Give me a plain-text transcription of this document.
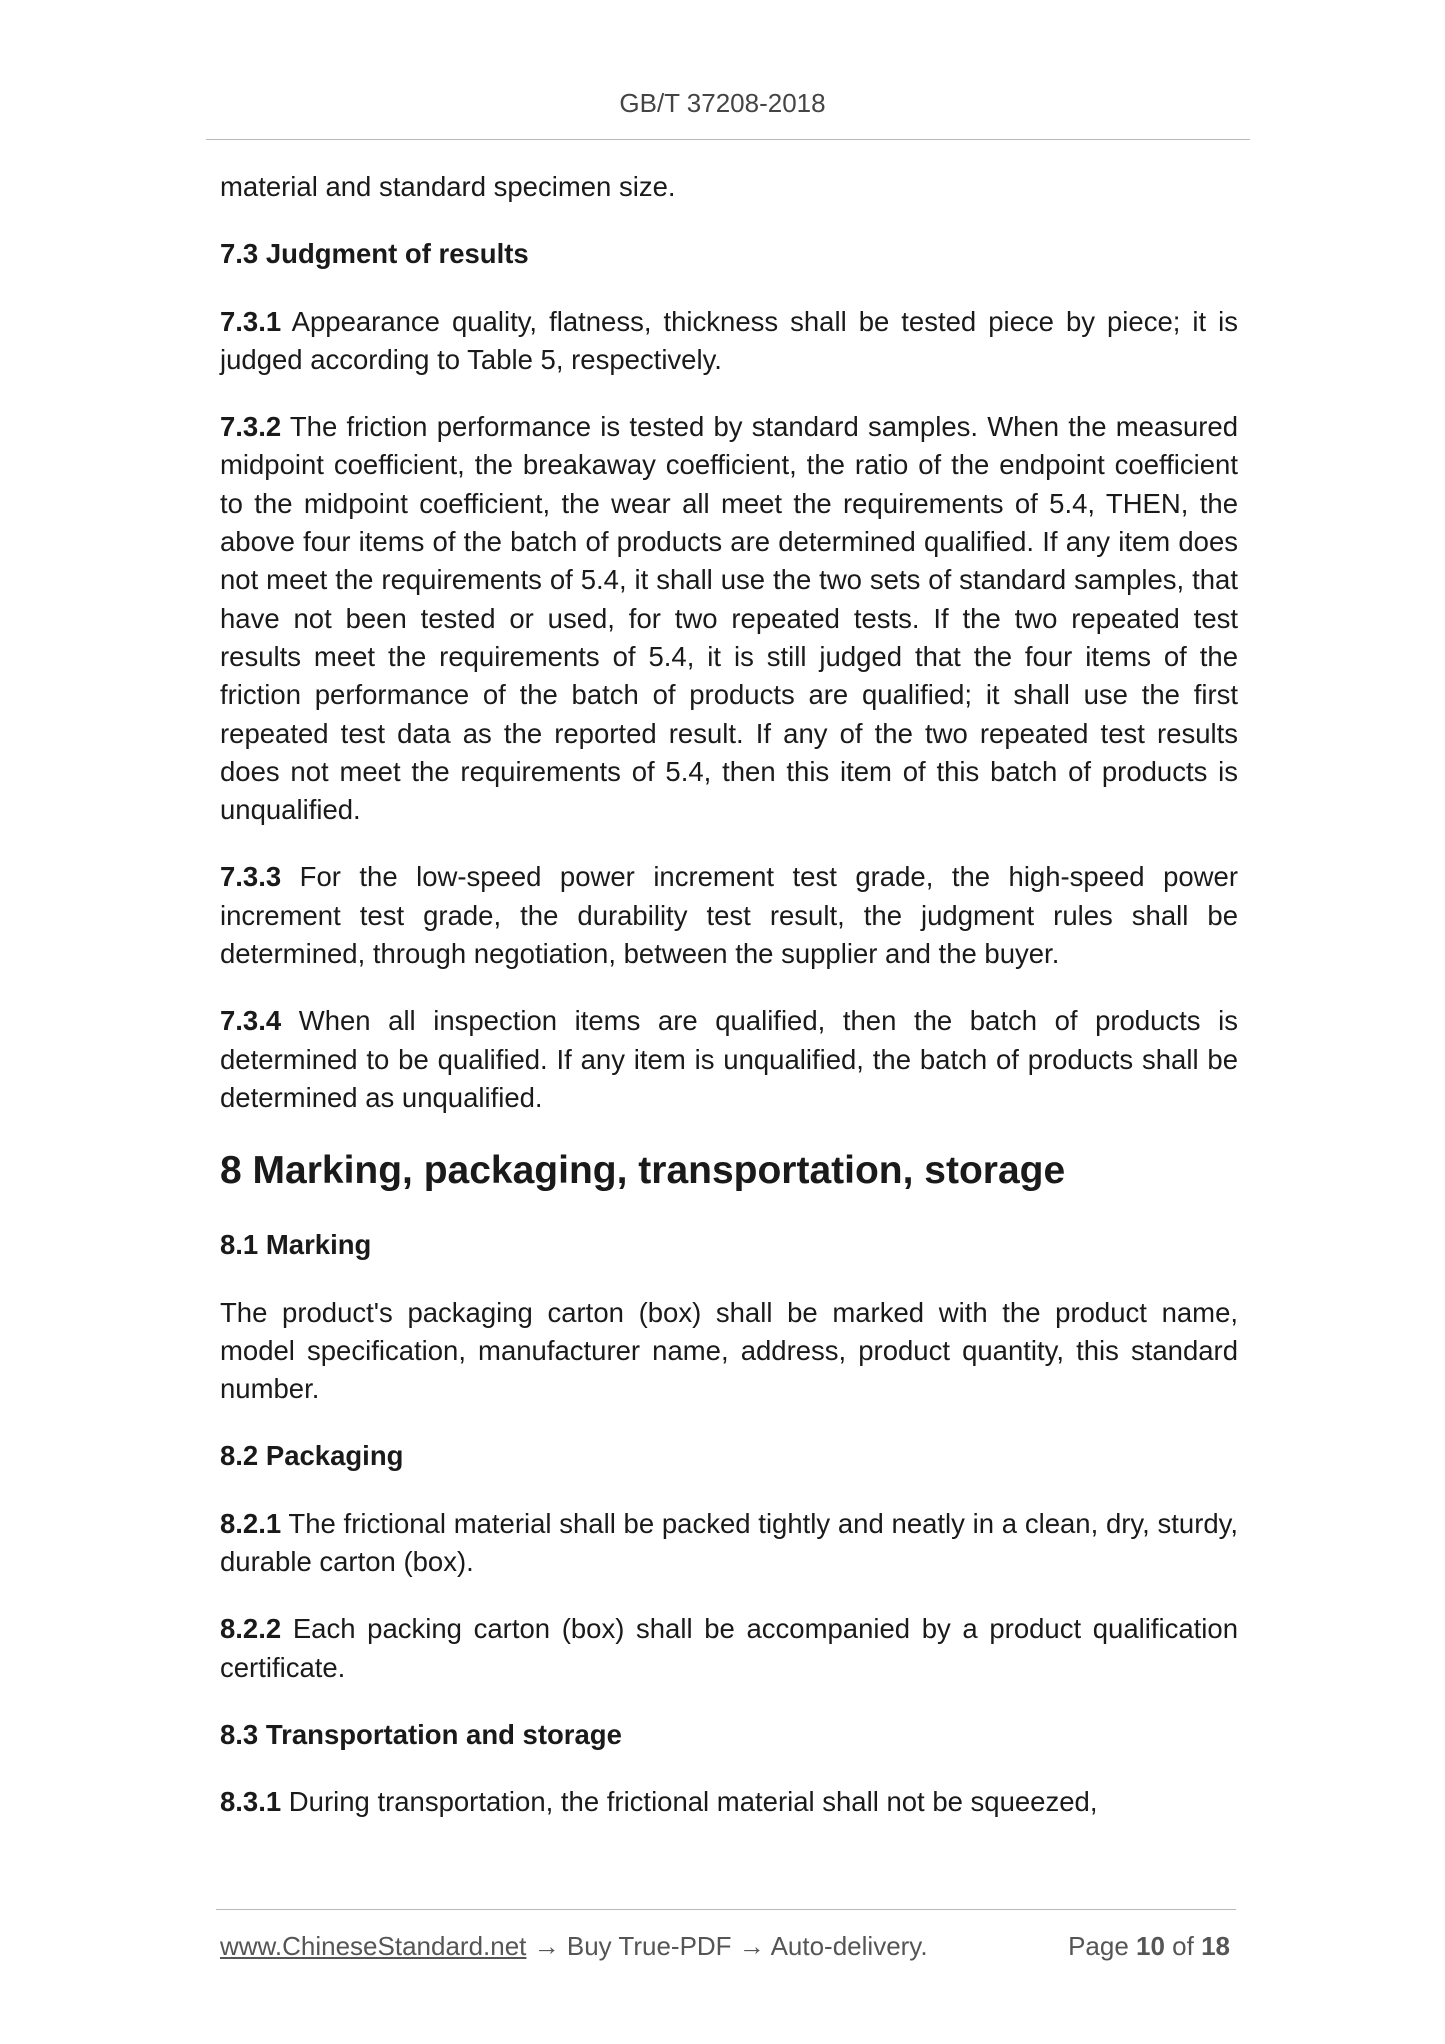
GB/T 37208-2018

material and standard specimen size.

7.3 Judgment of results

7.3.1 Appearance quality, flatness, thickness shall be tested piece by piece; it is judged according to Table 5, respectively.

7.3.2 The friction performance is tested by standard samples. When the measured midpoint coefficient, the breakaway coefficient, the ratio of the endpoint coefficient to the midpoint coefficient, the wear all meet the requirements of 5.4, THEN, the above four items of the batch of products are determined qualified. If any item does not meet the requirements of 5.4, it shall use the two sets of standard samples, that have not been tested or used, for two repeated tests. If the two repeated test results meet the requirements of 5.4, it is still judged that the four items of the friction performance of the batch of products are qualified; it shall use the first repeated test data as the reported result. If any of the two repeated test results does not meet the requirements of 5.4, then this item of this batch of products is unqualified.

7.3.3 For the low-speed power increment test grade, the high-speed power increment test grade, the durability test result, the judgment rules shall be determined, through negotiation, between the supplier and the buyer.

7.3.4 When all inspection items are qualified, then the batch of products is determined to be qualified. If any item is unqualified, the batch of products shall be determined as unqualified.

8 Marking, packaging, transportation, storage
8.1 Marking

The product's packaging carton (box) shall be marked with the product name, model specification, manufacturer name, address, product quantity, this standard number.

8.2 Packaging

8.2.1 The frictional material shall be packed tightly and neatly in a clean, dry, sturdy, durable carton (box).

8.2.2 Each packing carton (box) shall be accompanied by a product qualification certificate.

8.3 Transportation and storage

8.3.1 During transportation, the frictional material shall not be squeezed,

www.ChineseStandard.net → Buy True-PDF → Auto-delivery.	Page 10 of 18
